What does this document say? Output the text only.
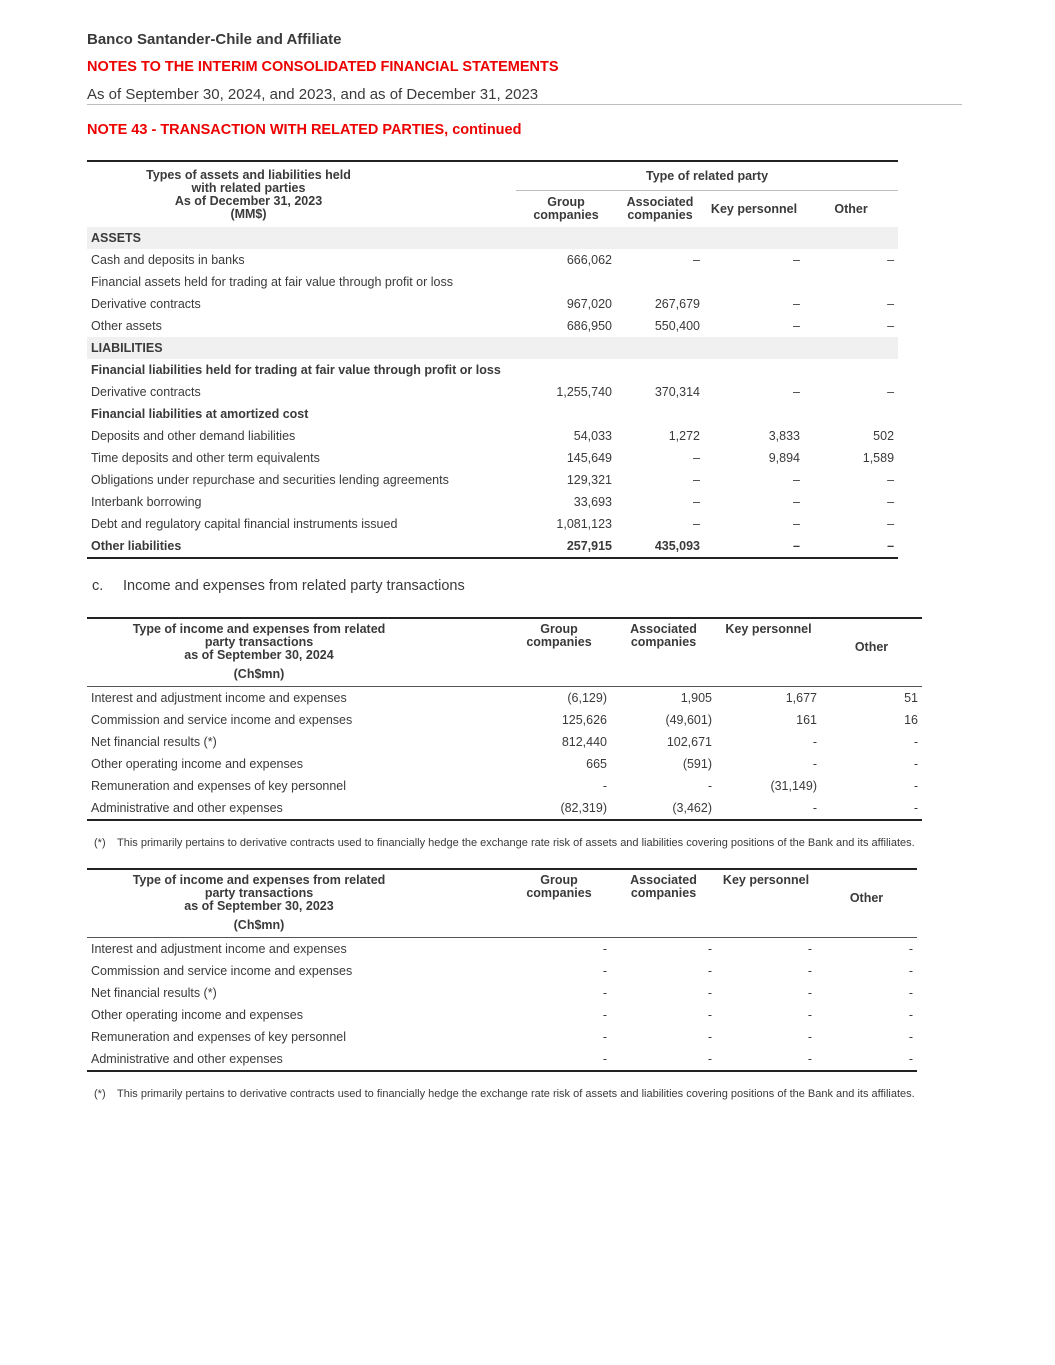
Banco Santander-Chile and Affiliate
NOTES TO THE INTERIM CONSOLIDATED FINANCIAL STATEMENTS
As of September 30, 2024, and 2023, and as of December 31, 2023
NOTE 43 - TRANSACTION WITH RELATED PARTIES, continued
Types of assets and liabilities held
with related parties
As of December 31, 2023
(MM$)	Type of related party			
	Group
companies	Associated
companies	Key personnel	Other
ASSETS				
Cash and deposits in banks	666,062	–	–	–
Financial assets held for trading at fair value through profit or loss				
Derivative contracts	967,020	267,679	–	–
Other assets	686,950	550,400	–	–
LIABILITIES				
Financial liabilities held for trading at fair value through profit or loss				
Derivative contracts	1,255,740	370,314	–	–
Financial liabilities at amortized cost				
Deposits and other demand liabilities	54,033	1,272	3,833	502
Time deposits and other term equivalents	145,649	–	9,894	1,589
Obligations under repurchase and securities lending agreements	129,321	–	–	–
Interbank borrowing	33,693	–	–	–
Debt and regulatory capital financial instruments issued	1,081,123	–	–	–
Other liabilities	257,915	435,093	–	–
c. Income and expenses from related party transactions
Type of income and expenses from related
party transactions
as of September 30, 2024	Group
companies	Associated
companies	Key personnel	Other
(Ch$mn)				
Interest and adjustment income and expenses	(6,129)	1,905	1,677	51
Commission and service income and expenses	125,626	(49,601)	161	16
Net financial results (*)	812,440	102,671	-	-
Other operating income and expenses	665	(591)	-	-
Remuneration and expenses of key personnel	-	-	(31,149)	-
Administrative and other expenses	(82,319)	(3,462)	-	-
(*) This primarily pertains to derivative contracts used to financially hedge the exchange rate risk of assets and liabilities covering positions of the Bank and its affiliates.
Type of income and expenses from related
party transactions
as of September 30, 2023	Group
companies	Associated
companies	Key personnel	Other
(Ch$mn)				
Interest and adjustment income and expenses	-	-	-	-
Commission and service income and expenses	-	-	-	-
Net financial results (*)	-	-	-	-
Other operating income and expenses	-	-	-	-
Remuneration and expenses of key personnel	-	-	-	-
Administrative and other expenses	-	-	-	-
(*) This primarily pertains to derivative contracts used to financially hedge the exchange rate risk of assets and liabilities covering positions of the Bank and its affiliates.
